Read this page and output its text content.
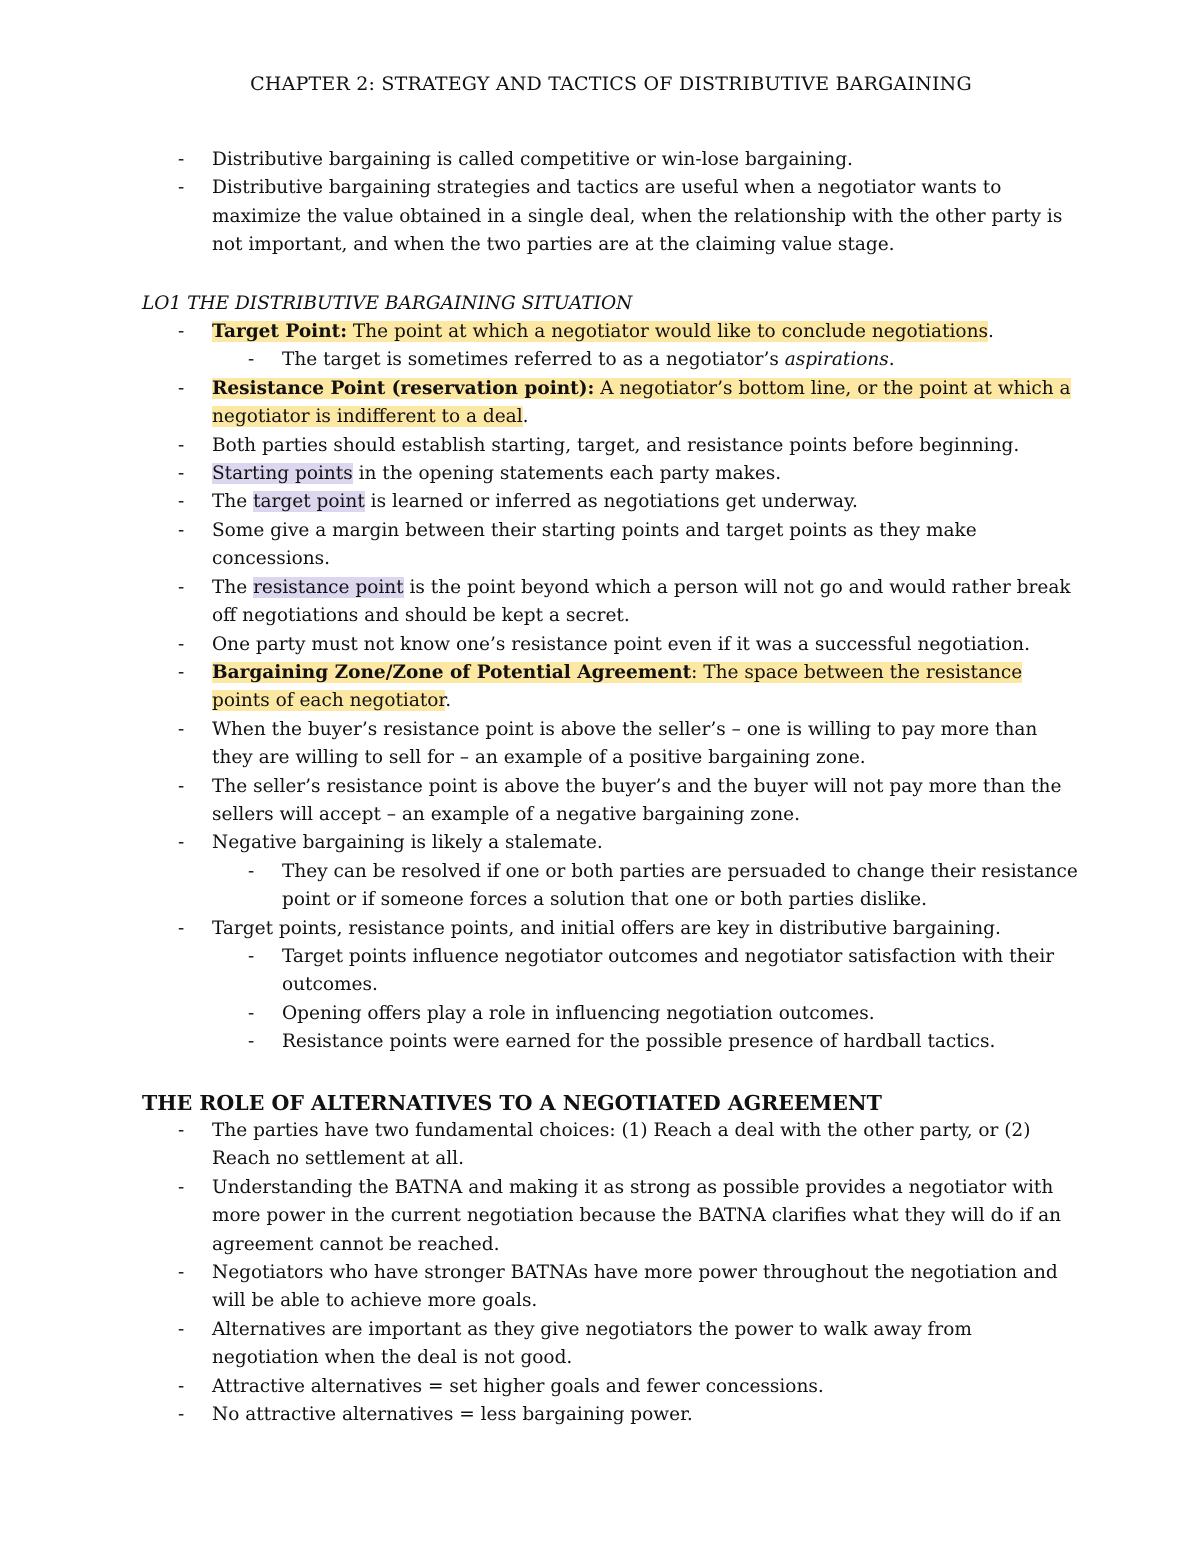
CHAPTER 2: STRATEGY AND TACTICS OF DISTRIBUTIVE BARGAINING
- Distributive bargaining is called competitive or win-lose bargaining.
- Distributive bargaining strategies and tactics are useful when a negotiator wants to maximize the value obtained in a single deal, when the relationship with the other party is not important, and when the two parties are at the claiming value stage.
LO1 THE DISTRIBUTIVE BARGAINING SITUATION
- Target Point: The point at which a negotiator would like to conclude negotiations.
- The target is sometimes referred to as a negotiator’s aspirations.
- Resistance Point (reservation point): A negotiator’s bottom line, or the point at which a negotiator is indifferent to a deal.
- Both parties should establish starting, target, and resistance points before beginning.
- Starting points in the opening statements each party makes.
- The target point is learned or inferred as negotiations get underway.
- Some give a margin between their starting points and target points as they make concessions.
- The resistance point is the point beyond which a person will not go and would rather break off negotiations and should be kept a secret.
- One party must not know one’s resistance point even if it was a successful negotiation.
- Bargaining Zone/Zone of Potential Agreement: The space between the resistance points of each negotiator.
- When the buyer’s resistance point is above the seller’s – one is willing to pay more than they are willing to sell for – an example of a positive bargaining zone.
- The seller’s resistance point is above the buyer’s and the buyer will not pay more than the sellers will accept – an example of a negative bargaining zone.
- Negative bargaining is likely a stalemate.
- They can be resolved if one or both parties are persuaded to change their resistance point or if someone forces a solution that one or both parties dislike.
- Target points, resistance points, and initial offers are key in distributive bargaining.
- Target points influence negotiator outcomes and negotiator satisfaction with their outcomes.
- Opening offers play a role in influencing negotiation outcomes.
- Resistance points were earned for the possible presence of hardball tactics.
THE ROLE OF ALTERNATIVES TO A NEGOTIATED AGREEMENT
- The parties have two fundamental choices: (1) Reach a deal with the other party, or (2) Reach no settlement at all.
- Understanding the BATNA and making it as strong as possible provides a negotiator with more power in the current negotiation because the BATNA clarifies what they will do if an agreement cannot be reached.
- Negotiators who have stronger BATNAs have more power throughout the negotiation and will be able to achieve more goals.
- Alternatives are important as they give negotiators the power to walk away from negotiation when the deal is not good.
- Attractive alternatives = set higher goals and fewer concessions.
- No attractive alternatives = less bargaining power.
